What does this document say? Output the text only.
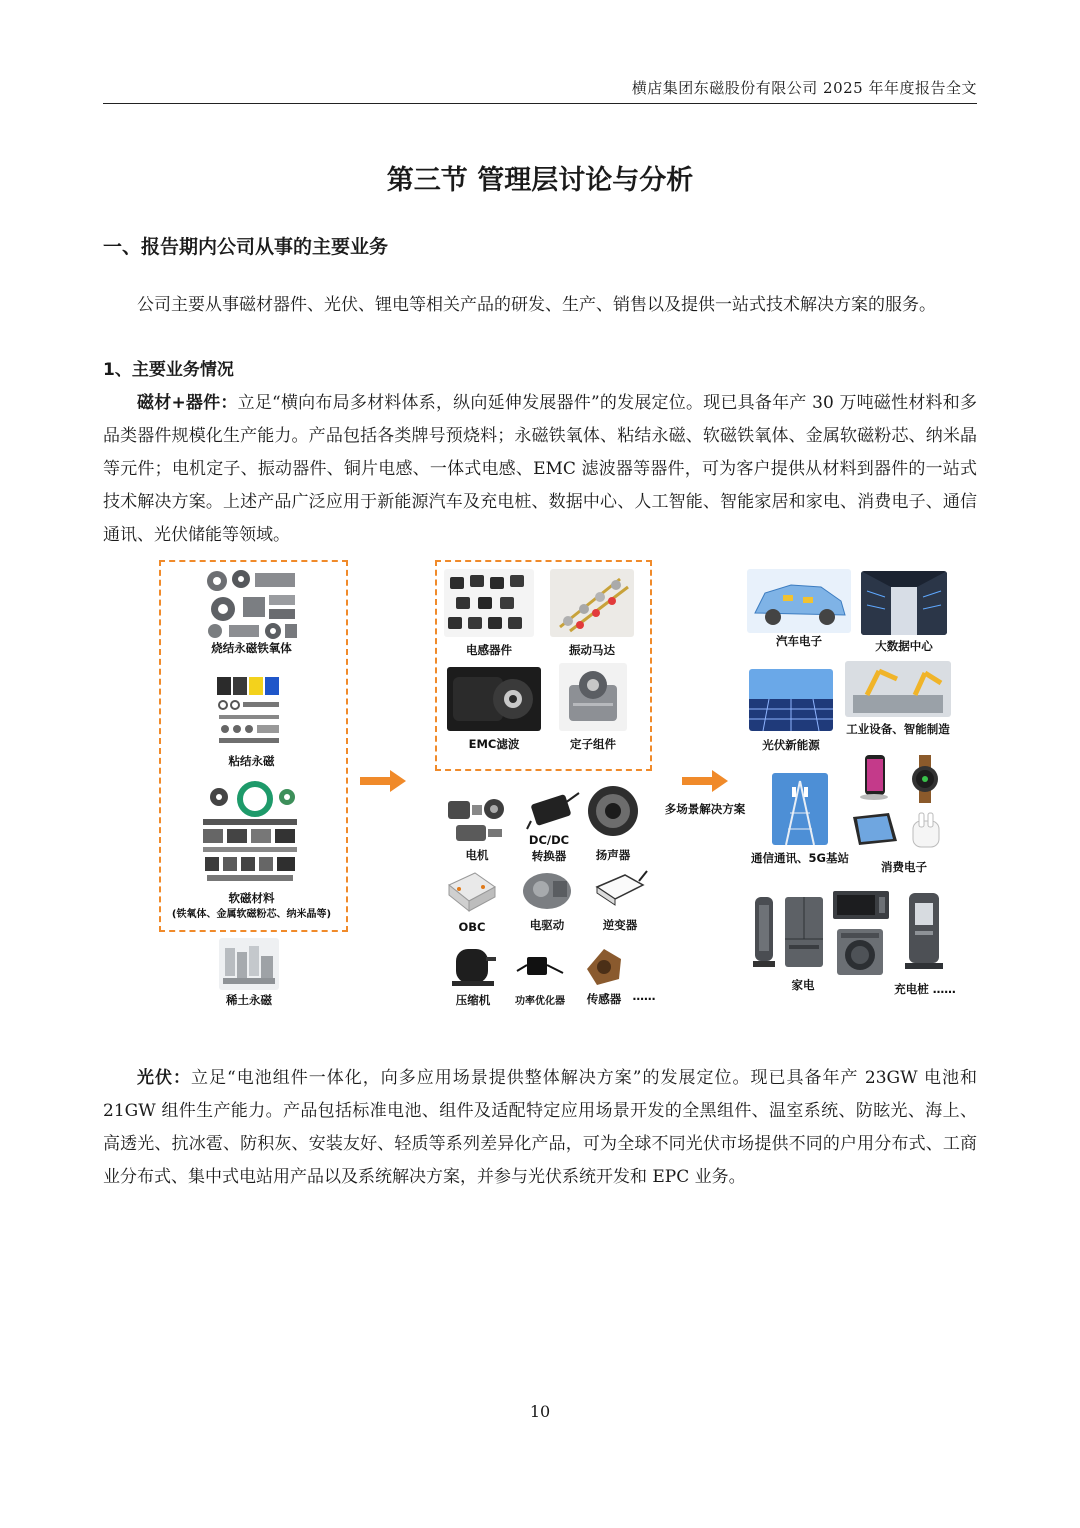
横店集团东磁股份有限公司 2025 年年度报告全文
第三节 管理层讨论与分析
一、报告期内公司从事的主要业务

公司主要从事磁材器件、光伏、锂电等相关产品的研发、生产、销售以及提供一站式技术解决方案的服务。

1、主要业务情况

磁材+器件：立足“横向布局多材料体系，纵向延伸发展器件”的发展定位。现已具备年产 30 万吨磁性材料和多品类器件规模化生产能力。产品包括各类牌号预烧料；永磁铁氧体、粘结永磁、软磁铁氧体、金属软磁粉芯、纳米晶等元件；电机定子、振动器件、铜片电感、一体式电感、EMC 滤波器等器件，可为客户提供从材料到器件的一站式技术解决方案。上述产品广泛应用于新能源汽车及充电桩、数据中心、人工智能、智能家居和家电、消费电子、通信通讯、光伏储能等领域。

烧结永磁铁氧体
粘结永磁
软磁材料
(铁氧体、金属软磁粉芯、纳米晶等)
稀土永磁
电感器件	振动马达
EMC滤波	定子组件
电机
DC/DC
转换器	扬声器
OBC	电驱动	逆变器
压缩机	功率优化器	传感器 ……
多场景解决方案
汽车电子	大数据中心
光伏新能源
工业设备、智能制造
通信通讯、5G基站
消费电子
家电	充电桩 ……

光伏：立足“电池组件一体化，向多应用场景提供整体解决方案”的发展定位。现已具备年产 23GW 电池和 21GW 组件生产能力。产品包括标准电池、组件及适配特定应用场景开发的全黑组件、温室系统、防眩光、海上、高透光、抗冰雹、防积灰、安装友好、轻质等系列差异化产品，可为全球不同光伏市场提供不同的户用分布式、工商业分布式、集中式电站用产品以及系统解决方案，并参与光伏系统开发和 EPC 业务。

10
